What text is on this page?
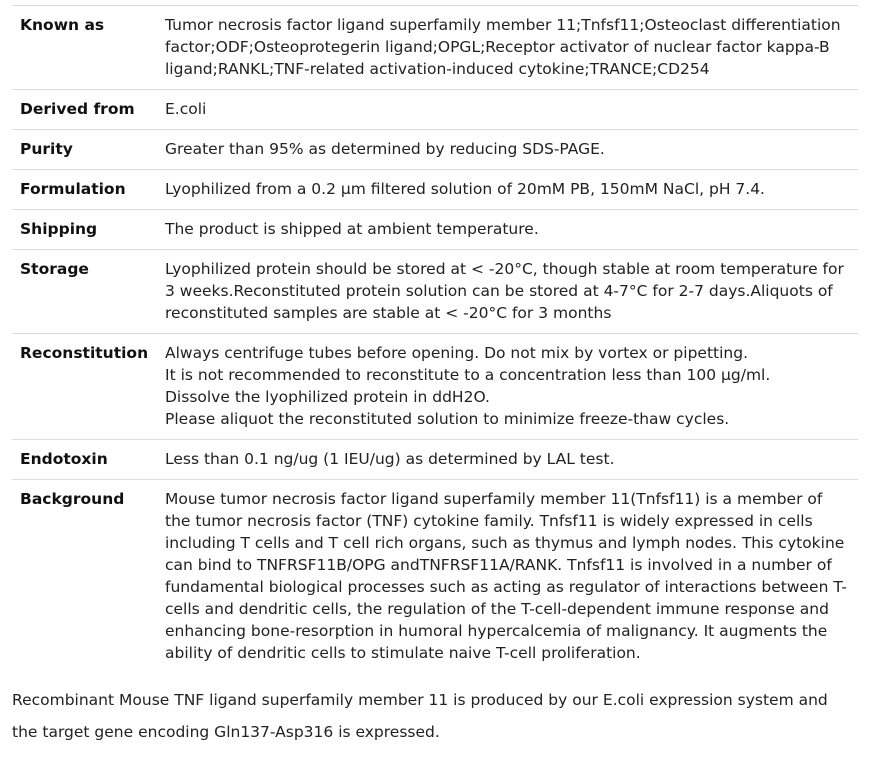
Known as	Tumor necrosis factor ligand superfamily member 11;Tnfsf11;Osteoclast differentiation factor;ODF;Osteoprotegerin ligand;OPGL;Receptor activator of nuclear factor kappa-B ligand;RANKL;TNF-related activation-induced cytokine;TRANCE;CD254
Derived from	E.coli
Purity	Greater than 95% as determined by reducing SDS-PAGE.
Formulation	Lyophilized from a 0.2 μm filtered solution of 20mM PB, 150mM NaCl, pH 7.4.
Shipping	The product is shipped at ambient temperature.
Storage	Lyophilized protein should be stored at < -20°C, though stable at room temperature for 3 weeks.Reconstituted protein solution can be stored at 4-7°C for 2-7 days.Aliquots of reconstituted samples are stable at < -20°C for 3 months
Reconstitution	Always centrifuge tubes before opening. Do not mix by vortex or pipetting.
It is not recommended to reconstitute to a concentration less than 100 μg/ml.
Dissolve the lyophilized protein in ddH2O.
Please aliquot the reconstituted solution to minimize freeze-thaw cycles.

Endotoxin	Less than 0.1 ng/ug (1 IEU/ug) as determined by LAL test.
Background	Mouse tumor necrosis factor ligand superfamily member 11(Tnfsf11) is a member of the tumor necrosis factor (TNF) cytokine family. Tnfsf11 is widely expressed in cells including T cells and T cell rich organs, such as thymus and lymph nodes. This cytokine can bind to TNFRSF11B/OPG andTNFRSF11A/RANK. Tnfsf11 is involved in a number of fundamental biological processes such as acting as regulator of interactions between T-cells and dendritic cells, the regulation of the T-cell-dependent immune response and enhancing bone-resorption in humoral hypercalcemia of malignancy. It augments the ability of dendritic cells to stimulate naive T-cell proliferation.

Recombinant Mouse TNF ligand superfamily member 11 is produced by our E.coli expression system and the target gene encoding Gln137-Asp316 is expressed.
